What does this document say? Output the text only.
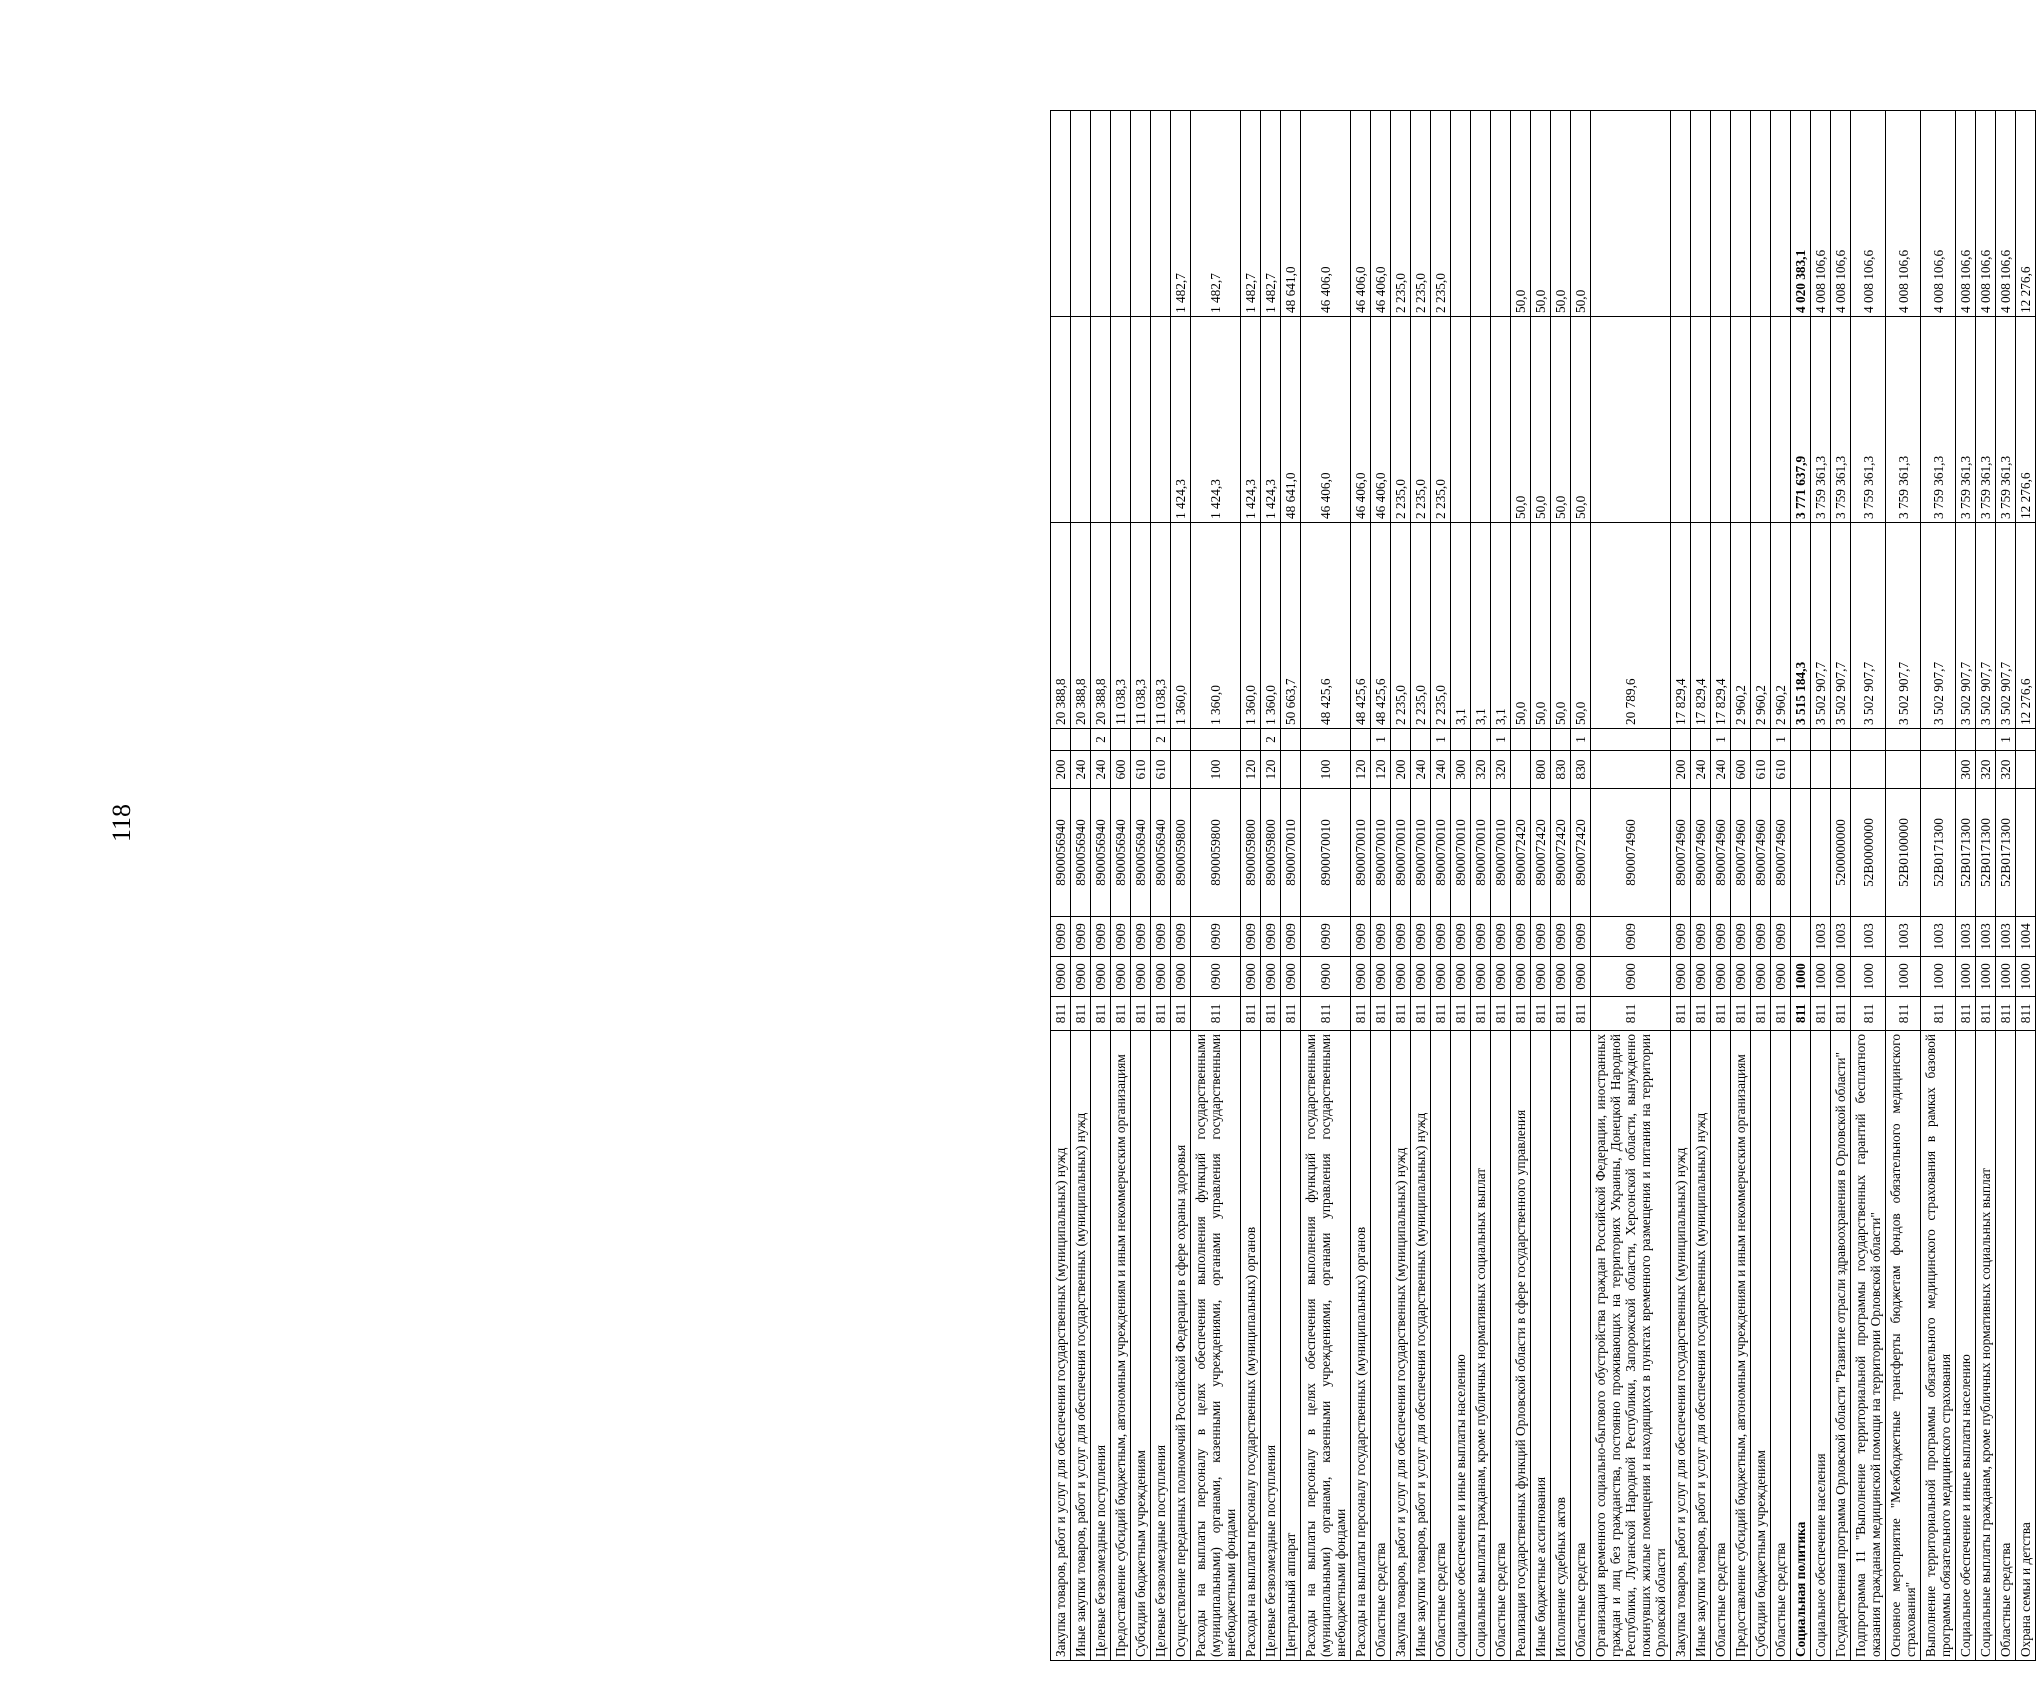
118
Закупка товаров, работ и услуг для обеспечения государственных (муниципальных) нужд	811	0900	0909	8900056940	200		20 388,8		
Иные закупки товаров, работ и услуг для обеспечения государственных (муниципальных) нужд	811	0900	0909	8900056940	240		20 388,8		
Целевые безвозмездные поступления	811	0900	0909	8900056940	240	2	20 388,8		
Предоставление субсидий бюджетным, автономным учреждениям и иным некоммерческим организациям	811	0900	0909	8900056940	600		11 038,3		
Субсидии бюджетным учреждениям	811	0900	0909	8900056940	610		11 038,3		
Целевые безвозмездные поступления	811	0900	0909	8900056940	610	2	11 038,3		
Осуществление переданных полномочий Российской Федерации в сфере охраны здоровья	811	0900	0909	8900059800			1 360,0	1 424,3	1 482,7
Расходы на выплаты персоналу в целях обеспечения выполнения функций государственными (муниципальными) органами, казенными учреждениями, органами управления государственными внебюджетными фондами	811	0900	0909	8900059800	100		1 360,0	1 424,3	1 482,7
Расходы на выплаты персоналу государственных (муниципальных) органов	811	0900	0909	8900059800	120		1 360,0	1 424,3	1 482,7
Целевые безвозмездные поступления	811	0900	0909	8900059800	120	2	1 360,0	1 424,3	1 482,7
Центральный аппарат	811	0900	0909	8900070010			50 663,7	48 641,0	48 641,0
Расходы на выплаты персоналу в целях обеспечения выполнения функций государственными (муниципальными) органами, казенными учреждениями, органами управления государственными внебюджетными фондами	811	0900	0909	8900070010	100		48 425,6	46 406,0	46 406,0
Расходы на выплаты персоналу государственных (муниципальных) органов	811	0900	0909	8900070010	120		48 425,6	46 406,0	46 406,0
Областные средства	811	0900	0909	8900070010	120	1	48 425,6	46 406,0	46 406,0
Закупка товаров, работ и услуг для обеспечения государственных (муниципальных) нужд	811	0900	0909	8900070010	200		2 235,0	2 235,0	2 235,0
Иные закупки товаров, работ и услуг для обеспечения государственных (муниципальных) нужд	811	0900	0909	8900070010	240		2 235,0	2 235,0	2 235,0
Областные средства	811	0900	0909	8900070010	240	1	2 235,0	2 235,0	2 235,0
Социальное обеспечение и иные выплаты населению	811	0900	0909	8900070010	300		3,1		
Социальные выплаты гражданам, кроме публичных нормативных социальных выплат	811	0900	0909	8900070010	320		3,1		
Областные средства	811	0900	0909	8900070010	320	1	3,1		
Реализация государственных функций Орловской области в сфере государственного управления	811	0900	0909	8900072420			50,0	50,0	50,0
Иные бюджетные ассигнования	811	0900	0909	8900072420	800		50,0	50,0	50,0
Исполнение судебных актов	811	0900	0909	8900072420	830		50,0	50,0	50,0
Областные средства	811	0900	0909	8900072420	830	1	50,0	50,0	50,0
Организация временного социально-бытового обустройства граждан Российской Федерации, иностранных граждан и лиц без гражданства, постоянно проживающих на территориях Украины, Донецкой Народной Республики, Луганской Народной Республики, Запорожской области, Херсонской области, вынужденно покинувших жилые помещения и находящихся в пунктах временного размещения и питания на территории Орловской области	811	0900	0909	8900074960			20 789,6		
Закупка товаров, работ и услуг для обеспечения государственных (муниципальных) нужд	811	0900	0909	8900074960	200		17 829,4		
Иные закупки товаров, работ и услуг для обеспечения государственных (муниципальных) нужд	811	0900	0909	8900074960	240		17 829,4		
Областные средства	811	0900	0909	8900074960	240	1	17 829,4		
Предоставление субсидий бюджетным, автономным учреждениям и иным некоммерческим организациям	811	0900	0909	8900074960	600		2 960,2		
Субсидии бюджетным учреждениям	811	0900	0909	8900074960	610		2 960,2		
Областные средства	811	0900	0909	8900074960	610	1	2 960,2		
Социальная политика	811	1000					3 515 184,3	3 771 637,9	4 020 383,1
Социальное обеспечение населения	811	1000	1003				3 502 907,7	3 759 361,3	4 008 106,6
Государственная программа Орловской области "Развитие отрасли здравоохранения в Орловской области"	811	1000	1003	5200000000			3 502 907,7	3 759 361,3	4 008 106,6
Подпрограмма 11 "Выполнение территориальной программы государственных гарантий бесплатного оказания гражданам медицинской помощи на территории Орловской области"	811	1000	1003	52В0000000			3 502 907,7	3 759 361,3	4 008 106,6
Основное мероприятие "Межбюджетные трансферты бюджетам фондов обязательного медицинского страхования"	811	1000	1003	52В0100000			3 502 907,7	3 759 361,3	4 008 106,6
Выполнение территориальной программы обязательного медицинского страхования в рамках базовой программы обязательного медицинского страхования	811	1000	1003	52В0171300			3 502 907,7	3 759 361,3	4 008 106,6
Социальное обеспечение и иные выплаты населению	811	1000	1003	52В0171300	300		3 502 907,7	3 759 361,3	4 008 106,6
Социальные выплаты гражданам, кроме публичных нормативных социальных выплат	811	1000	1003	52В0171300	320		3 502 907,7	3 759 361,3	4 008 106,6
Областные средства	811	1000	1003	52В0171300	320	1	3 502 907,7	3 759 361,3	4 008 106,6
Охрана семьи и детства	811	1000	1004				12 276,6	12 276,6	12 276,6
